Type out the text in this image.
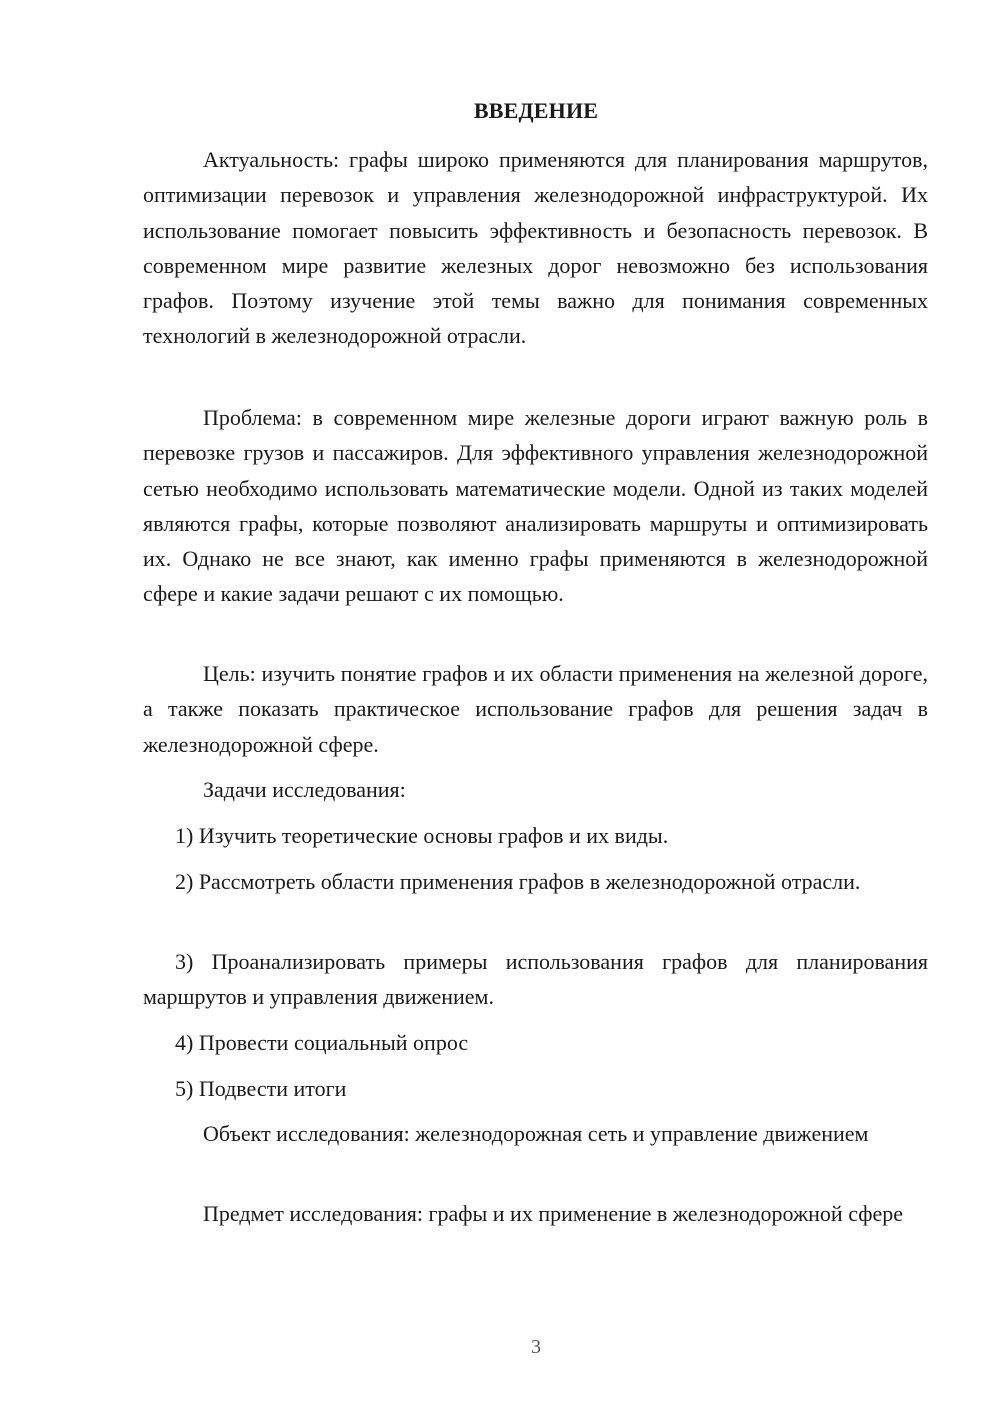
ВВЕДЕНИЕ

Актуальность: графы широко применяются для планирования маршрутов, оптимизации перевозок и управления железнодорожной инфраструктурой. Их использование помогает повысить эффективность и безопасность перевозок. В современном мире развитие железных дорог невозможно без использования графов. Поэтому изучение этой темы важно для понимания современных технологий в железнодорожной отрасли.

Проблема: в современном мире железные дороги играют важную роль в перевозке грузов и пассажиров. Для эффективного управления железнодорожной сетью необходимо использовать математические модели. Одной из таких моделей являются графы, которые позволяют анализировать маршруты и оптимизировать их. Однако не все знают, как именно графы применяются в железнодорожной сфере и какие задачи решают с их помощью.

Цель: изучить понятие графов и их области применения на железной дороге, а также показать практическое использование графов для решения задач в железнодорожной сфере.

Задачи исследования:

1) Изучить теоретические основы графов и их виды.

2) Рассмотреть области применения графов в железнодорожной отрасли.

3) Проанализировать примеры использования графов для планирования маршрутов и управления движением.

4) Провести социальный опрос

5) Подвести итоги

Объект исследования: железнодорожная сеть и управление движением

Предмет исследования: графы и их применение в железнодорожной сфере

3
